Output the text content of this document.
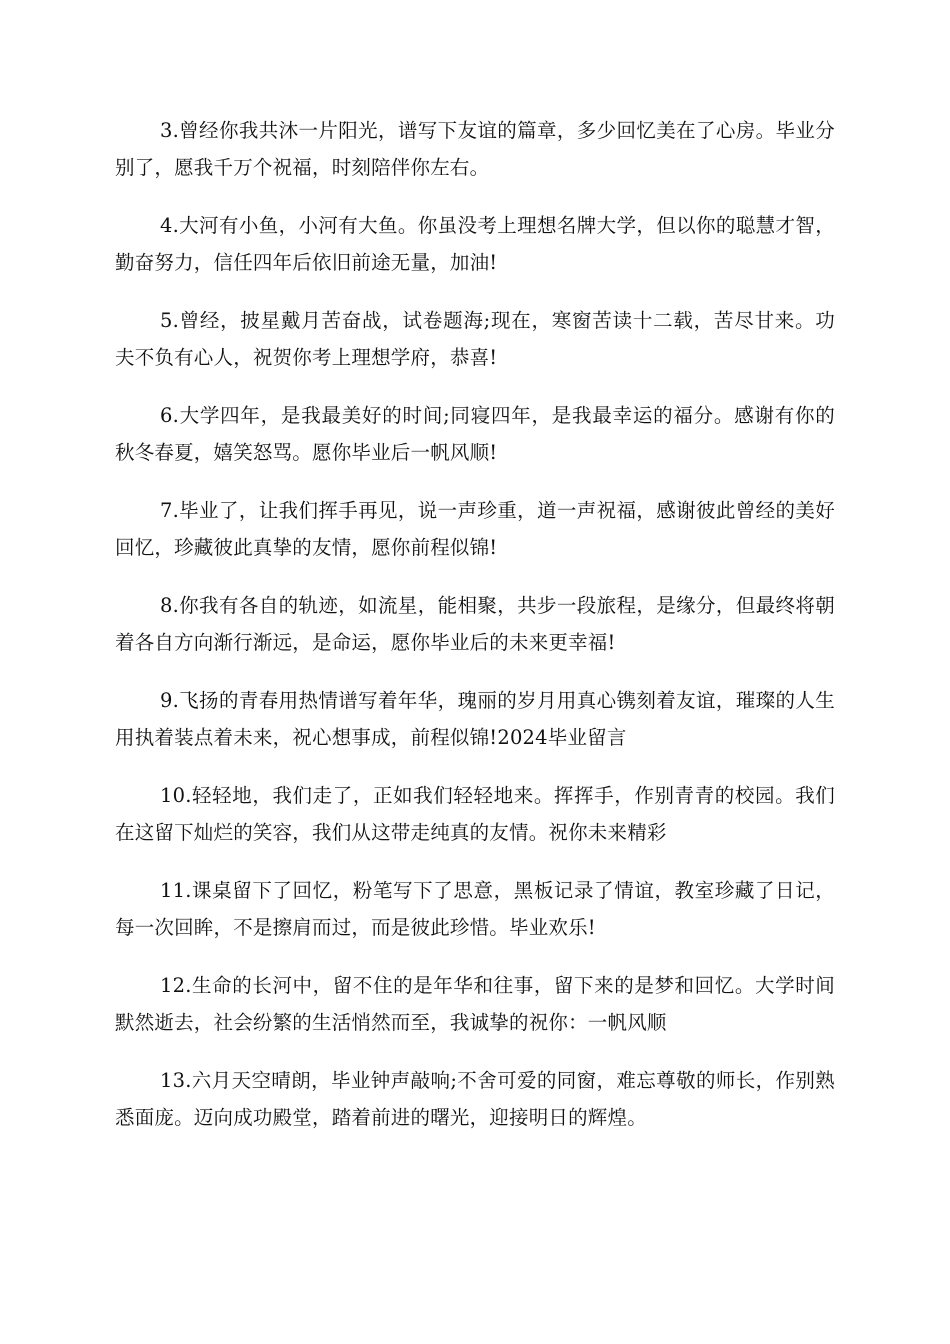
3.曾经你我共沐一片阳光，谱写下友谊的篇章，多少回忆美在了心房。毕业分别了，愿我千万个祝福，时刻陪伴你左右。

4.大河有小鱼，小河有大鱼。你虽没考上理想名牌大学，但以你的聪慧才智，勤奋努力，信任四年后依旧前途无量，加油!

5.曾经，披星戴月苦奋战，试卷题海;现在，寒窗苦读十二载，苦尽甘来。功夫不负有心人，祝贺你考上理想学府，恭喜!

6.大学四年，是我最美好的时间;同寝四年，是我最幸运的福分。感谢有你的秋冬春夏，嬉笑怒骂。愿你毕业后一帆风顺!

7.毕业了，让我们挥手再见，说一声珍重，道一声祝福，感谢彼此曾经的美好回忆，珍藏彼此真挚的友情，愿你前程似锦!

8.你我有各自的轨迹，如流星，能相聚，共步一段旅程，是缘分，但最终将朝着各自方向渐行渐远，是命运，愿你毕业后的未来更幸福!

9.飞扬的青春用热情谱写着年华，瑰丽的岁月用真心镌刻着友谊，璀璨的人生用执着装点着未来，祝心想事成，前程似锦!2024毕业留言

10.轻轻地，我们走了，正如我们轻轻地来。挥挥手，作别青青的校园。我们在这留下灿烂的笑容，我们从这带走纯真的友情。祝你未来精彩

11.课桌留下了回忆，粉笔写下了思意，黑板记录了情谊，教室珍藏了日记，每一次回眸，不是擦肩而过，而是彼此珍惜。毕业欢乐!

12.生命的长河中，留不住的是年华和往事，留下来的是梦和回忆。大学时间默然逝去，社会纷繁的生活悄然而至，我诚挚的祝你：一帆风顺

13.六月天空晴朗，毕业钟声敲响;不舍可爱的同窗，难忘尊敬的师长，作别熟悉面庞。迈向成功殿堂，踏着前进的曙光，迎接明日的辉煌。
